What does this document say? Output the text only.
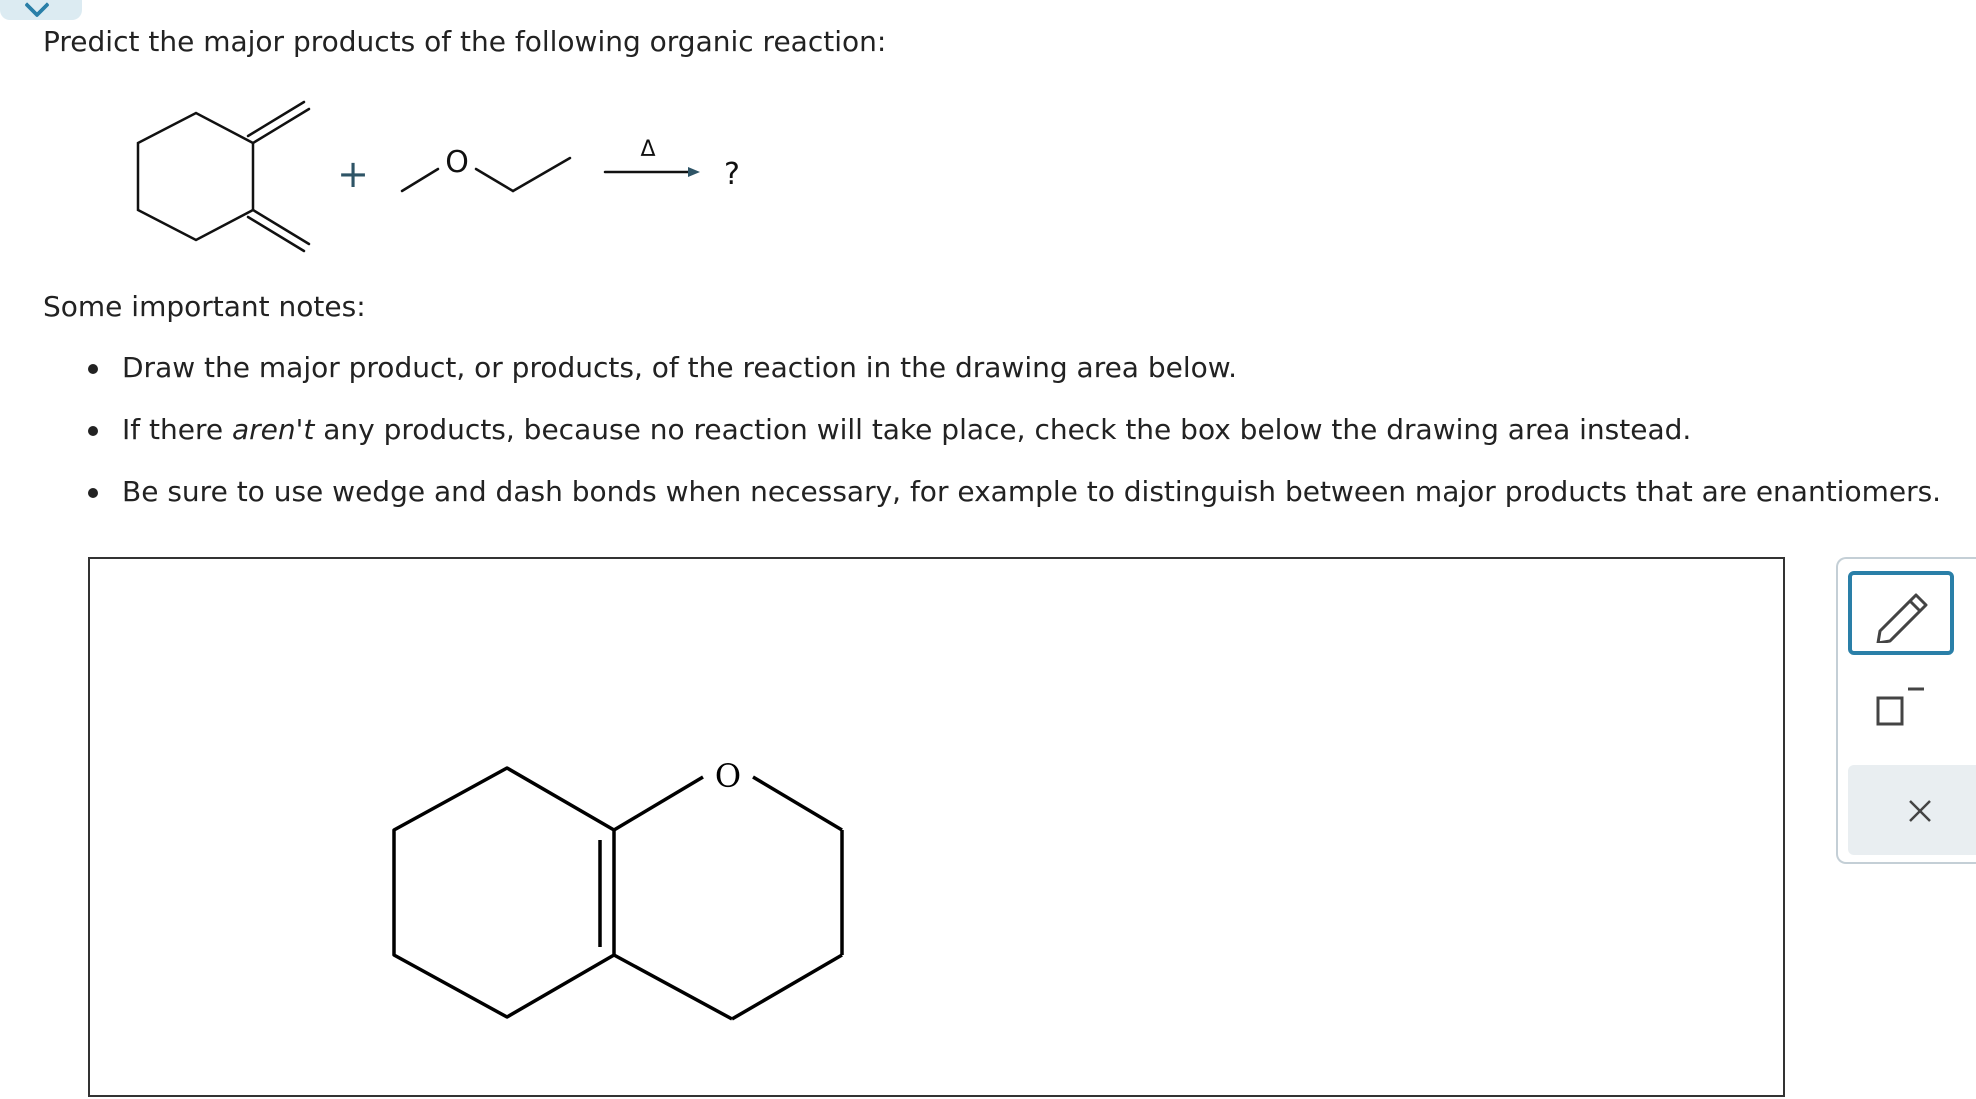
Predict the major products of the following organic reaction:
+	O	Δ
?
Some important notes:
Draw the major product, or products, of the reaction in the drawing area below.
If there aren't any products, because no reaction will take place, check the box below the drawing area instead.
Be sure to use wedge and dash bonds when necessary, for example to distinguish between major products that are enantiomers.
O
